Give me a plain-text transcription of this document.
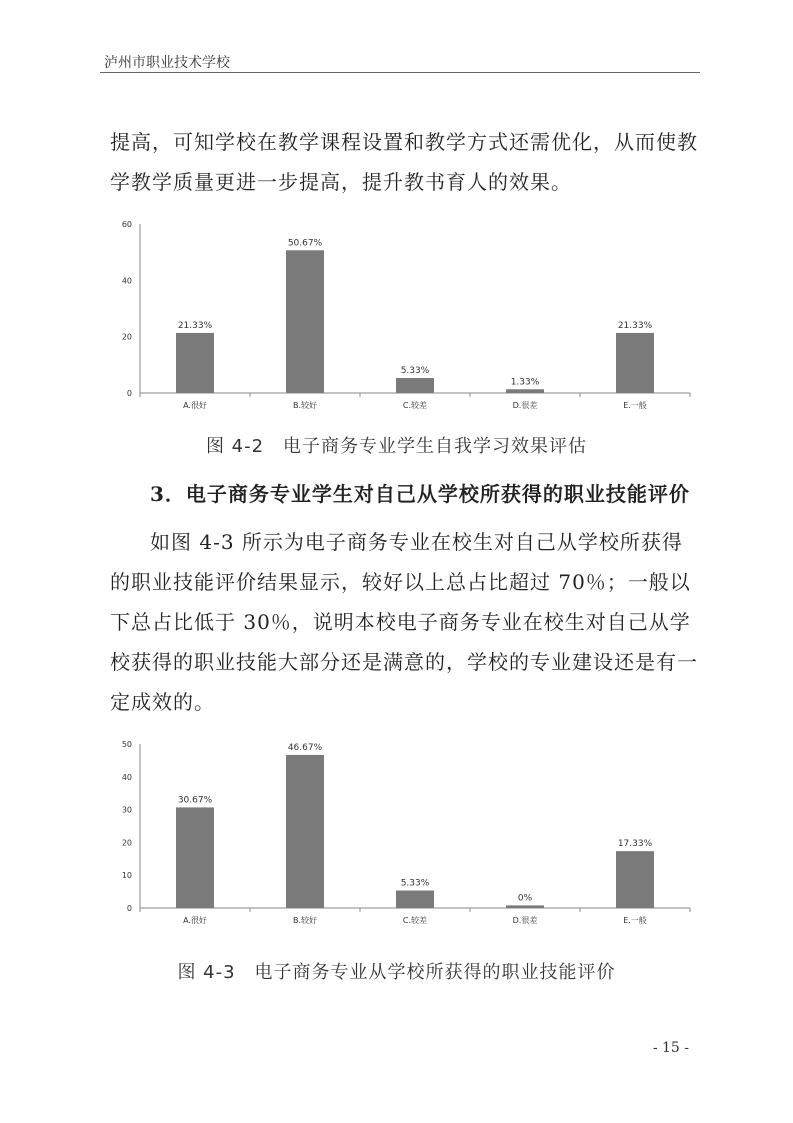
泸州市职业技术学校

提高，可知学校在教学课程设置和教学方式还需优化，从而使教学教学质量更进一步提高，提升教书育人的效果。

0
20
40
60
21.33%
A.很好
50.67%
B.较好
5.33%
C.较差
1.33%
D.很差
21.33%
E.一般
图 4-2　电子商务专业学生自我学习效果评估
3．电子商务专业学生对自己从学校所获得的职业技能评价

如图 4-3 所示为电子商务专业在校生对自己从学校所获得的职业技能评价结果显示，较好以上总占比超过 70％；一般以下总占比低于 30％，说明本校电子商务专业在校生对自己从学校获得的职业技能大部分还是满意的，学校的专业建设还是有一定成效的。

0
10
20
30
40
50
30.67%
A.很好
46.67%
B.较好
5.33%
C.较差
0%
D.很差
17.33%
E.一般
图 4-3　电子商务专业从学校所获得的职业技能评价
- 15 -
